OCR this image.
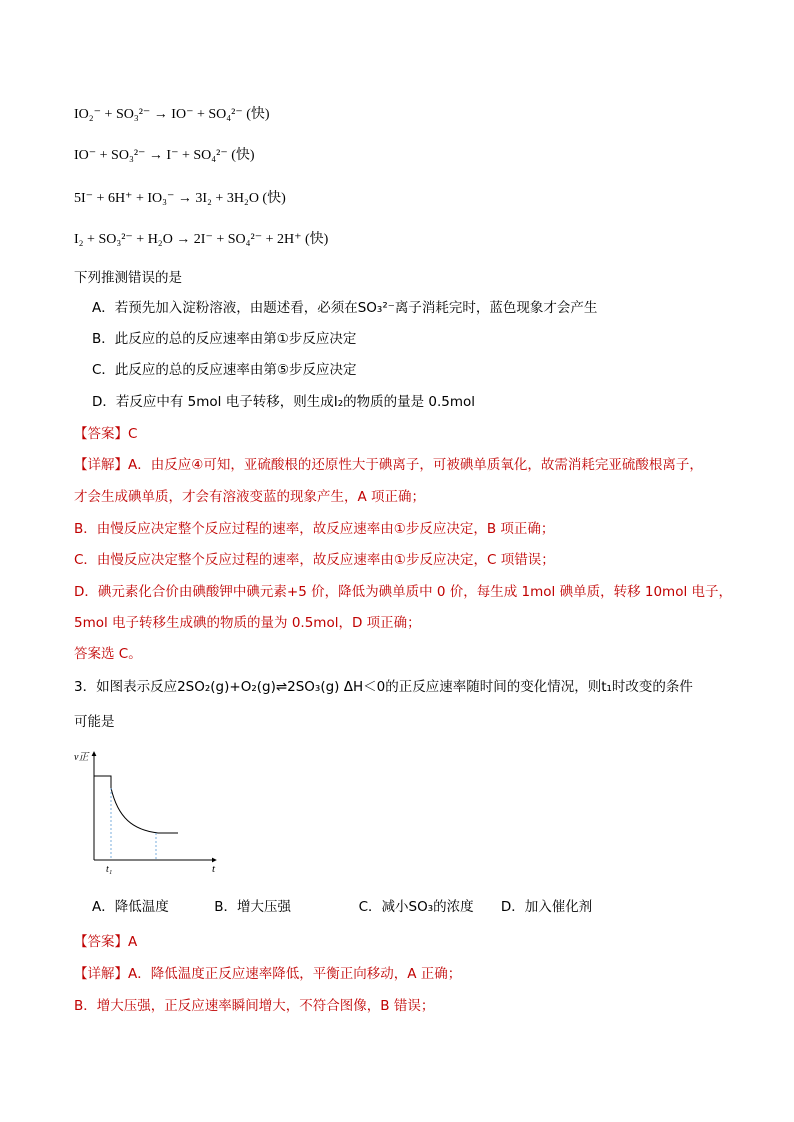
IO₂⁻ + SO₃²⁻ → IO⁻ + SO₄²⁻ (快)
IO⁻ + SO₃²⁻ → I⁻ + SO₄²⁻ (快)
5I⁻ + 6H⁺ + IO₃⁻ → 3I₂ + 3H₂O (快)
I₂ + SO₃²⁻ + H₂O → 2I⁻ + SO₄²⁻ + 2H⁺ (快)
下列推测错误的是
A．若预先加入淀粉溶液，由题述看，必须在SO₃²⁻离子消耗完时，蓝色现象才会产生
B．此反应的总的反应速率由第①步反应决定
C．此反应的总的反应速率由第⑤步反应决定
D．若反应中有 5mol 电子转移，则生成I₂的物质的量是 0.5mol
【答案】C
【详解】A．由反应④可知，亚硫酸根的还原性大于碘离子，可被碘单质氧化，故需消耗完亚硫酸根离子，
才会生成碘单质，才会有溶液变蓝的现象产生，A 项正确；
B．由慢反应决定整个反应过程的速率，故反应速率由①步反应决定，B 项正确；
C．由慢反应决定整个反应过程的速率，故反应速率由①步反应决定，C 项错误；
D．碘元素化合价由碘酸钾中碘元素+5 价，降低为碘单质中 0 价，每生成 1mol 碘单质，转移 10mol 电子，
5mol 电子转移生成碘的物质的量为 0.5mol，D 项正确；
答案选 C。
3．如图表示反应2SO₂(g)+O₂(g)⇌2SO₃(g) ΔH＜0的正反应速率随时间的变化情况，则t₁时改变的条件
可能是
v正
t
t₁
A．降低温度	B．增大压强	C．减小SO₃的浓度 D．加入催化剂
【答案】A
【详解】A．降低温度正反应速率降低，平衡正向移动，A 正确；
B．增大压强，正反应速率瞬间增大，不符合图像，B 错误；
